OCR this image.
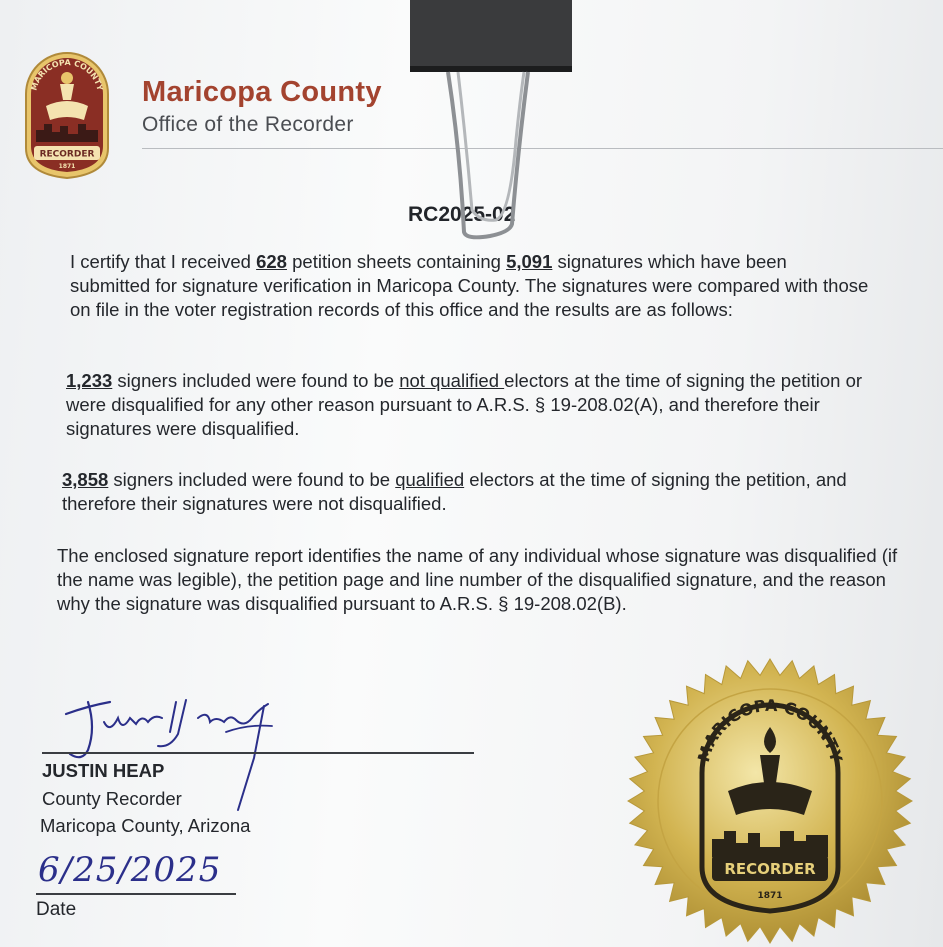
MARICOPA COUNTY
RECORDER
1871
Maricopa County
Office of the Recorder
RC2025-02

I certify that I received 628 petition sheets containing 5,091 signatures which have been submitted for signature verification in Maricopa County. The signatures were compared with those on file in the voter registration records of this office and the results are as follows:

1,233 signers included were found to be not qualified electors at the time of signing the petition or were disqualified for any other reason pursuant to A.R.S. § 19-208.02(A), and therefore their signatures were disqualified.

3,858 signers included were found to be qualified electors at the time of signing the petition, and therefore their signatures were not disqualified.

The enclosed signature report identifies the name of any individual whose signature was disqualified (if the name was legible), the petition page and line number of the disqualified signature, and the reason why the signature was disqualified pursuant to A.R.S. § 19-208.02(B).

JUSTIN HEAP
County Recorder
Maricopa County, Arizona
6/25/2025
Date
MARICOPA COUNTY
RECORDER
1871
